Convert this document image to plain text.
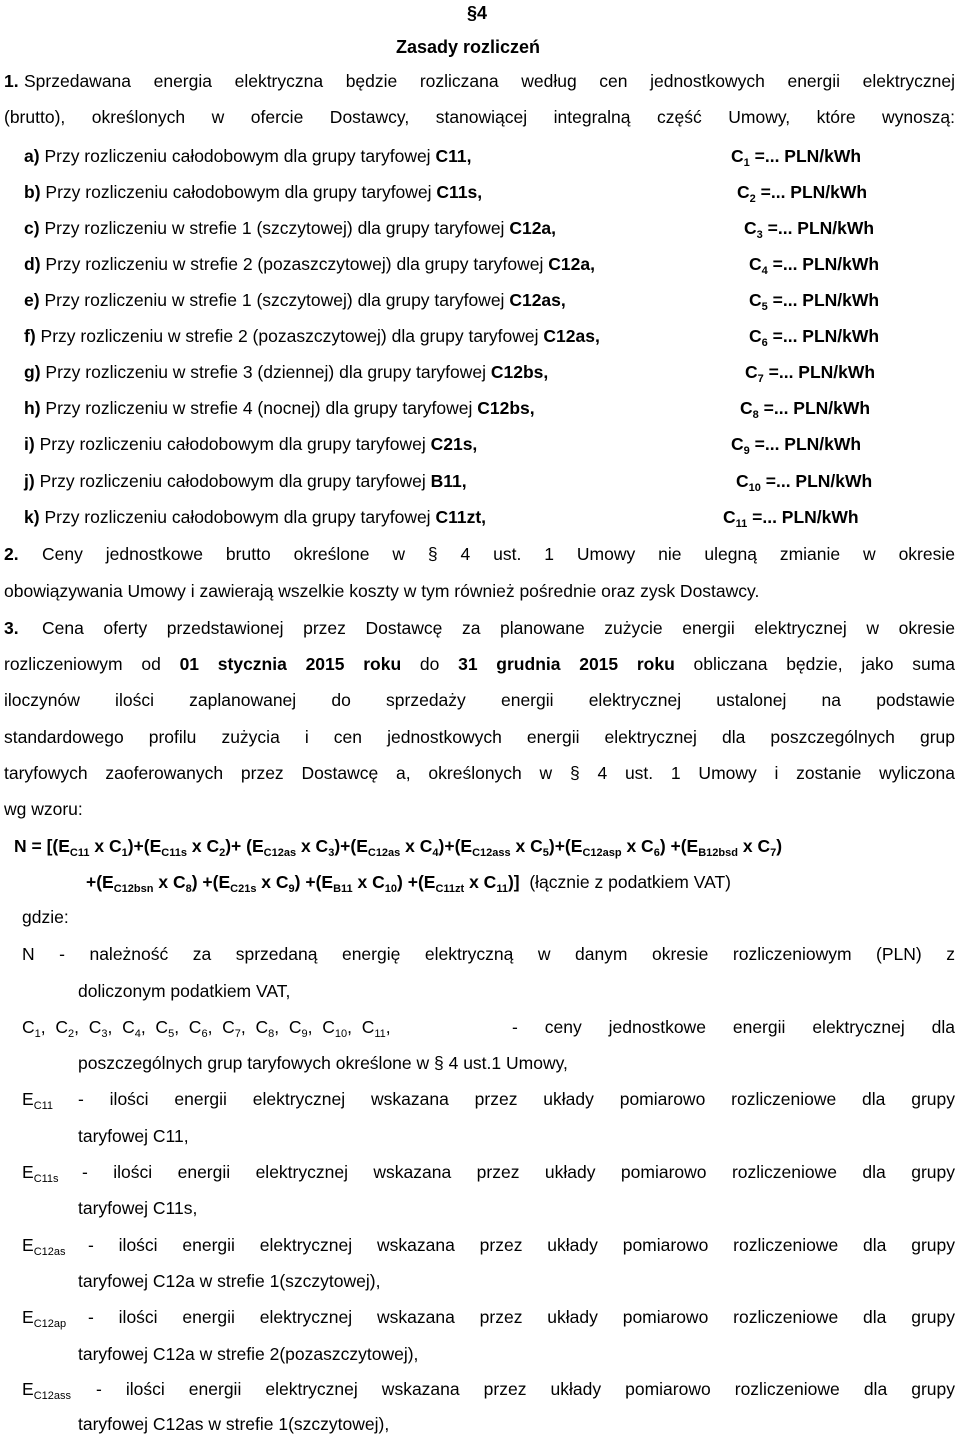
§4
Zasady rozliczeń
1. Sprzedawana energia elektryczna będzie rozliczana według cen jednostkowych energii elektrycznej
(brutto), określonych w ofercie Dostawcy, stanowiącej integralną część Umowy, które wynoszą:
a) Przy rozliczeniu całodobowym dla grupy taryfowej C11,	$C_1$ =... PLN/kWh
b) Przy rozliczeniu całodobowym dla grupy taryfowej C11s,	$C_2$ =... PLN/kWh
c) Przy rozliczeniu w strefie 1 (szczytowej) dla grupy taryfowej C12a,	$C_3$ =... PLN/kWh
d) Przy rozliczeniu w strefie 2 (pozaszczytowej) dla grupy taryfowej C12a,	$C_4$ =... PLN/kWh
e) Przy rozliczeniu w strefie 1 (szczytowej) dla grupy taryfowej C12as,	$C_5$ =... PLN/kWh
f) Przy rozliczeniu w strefie 2 (pozaszczytowej) dla grupy taryfowej C12as,	$C_6$ =... PLN/kWh
g) Przy rozliczeniu w strefie 3 (dziennej) dla grupy taryfowej C12bs,	$C_7$ =... PLN/kWh
h) Przy rozliczeniu w strefie 4 (nocnej) dla grupy taryfowej C12bs,	$C_8$ =... PLN/kWh
i) Przy rozliczeniu całodobowym dla grupy taryfowej C21s,	$C_9$ =... PLN/kWh
j) Przy rozliczeniu całodobowym dla grupy taryfowej B11,	$C_{10}$ =... PLN/kWh
k) Przy rozliczeniu całodobowym dla grupy taryfowej C11zt,	$C_{11}$ =... PLN/kWh
2. Ceny jednostkowe brutto określone w § 4 ust. 1 Umowy nie ulegną zmianie w okresie
obowiązywania Umowy i zawierają wszelkie koszty w tym również pośrednie oraz zysk Dostawcy.
3. Cena oferty przedstawionej przez Dostawcę za planowane zużycie energii elektrycznej w okresie
rozliczeniowym od 01 stycznia 2015 roku do 31 grudnia 2015 roku obliczana będzie, jako suma
iloczynów ilości zaplanowanej do sprzedaży energii elektrycznej ustalonej na podstawie
standardowego profilu zużycia i cen jednostkowych energii elektrycznej dla poszczególnych grup
taryfowych zaoferowanych przez Dostawcę a, określonych w § 4 ust. 1 Umowy i zostanie wyliczona
wg wzoru:
$N = [(E_{C11}$ x $C_1)+(E_{C11s}$ x $C_2)+ (E_{C12as}$ x $C_3)+(E_{C12as}$ x $C_4)+(E_{C12ass}$ x $C_5)+(E_{C12asp}$ x $C_6) +(E_{B12bsd}$ x $C_7$)
$+(E_{C12bsn}$ x $C_8) +(E_{C21s}$ x $C_9) +(E_{B11}$ x $C_{10}) +(E_{C11zt}$ x $C_{11}$)] (łącznie z podatkiem VAT)
gdzie:
N - należność za sprzedaną energię elektryczną w danym okresie rozliczeniowym (PLN) z
doliczonym podatkiem VAT,
$C_1$,  $C_2$,  $C_3$,  $C_4$,  $C_5$,  $C_6$,  $C_7$,  $C_8$,  $C_9$,  $C_{10}$,  $C_{11}$,	- ceny jednostkowe energii elektrycznej dla
poszczególnych grup taryfowych określone w § 4 ust.1 Umowy,
$E_{C11}$ - ilości energii elektrycznej wskazana przez układy pomiarowo rozliczeniowe dla grupy
taryfowej C11,
$E_{C11s}$ - ilości energii elektrycznej wskazana przez układy pomiarowo rozliczeniowe dla grupy
taryfowej C11s,
$E_{C12as}$ - ilości energii elektrycznej wskazana przez układy pomiarowo rozliczeniowe dla grupy
taryfowej C12a w strefie 1(szczytowej),
$E_{C12ap}$ - ilości energii elektrycznej wskazana przez układy pomiarowo rozliczeniowe dla grupy
taryfowej C12a w strefie 2(pozaszczytowej),
$E_{C12ass}$ - ilości energii elektrycznej wskazana przez układy pomiarowo rozliczeniowe dla grupy
taryfowej C12as w strefie 1(szczytowej),
